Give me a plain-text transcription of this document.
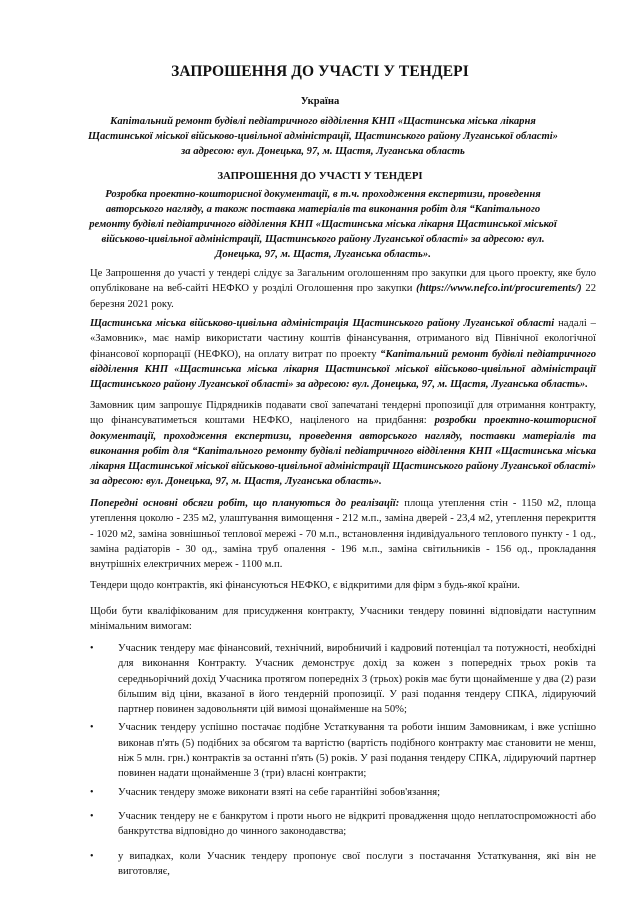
ЗАПРОШЕННЯ ДО УЧАСТІ У ТЕНДЕРІ
Україна
Капітальний ремонт будівлі педіатричного відділення КНП «Щастинська міська лікарня Щастинської міської військово-цивільної адміністрації, Щастинського району Луганської області» за адресою: вул. Донецька, 97, м. Щастя, Луганська область
ЗАПРОШЕННЯ ДО УЧАСТІ У ТЕНДЕРІ
Розробка проектно-кошторисної документації, в т.ч. проходження експертизи, проведення авторського нагляду, а також поставка матеріалів та виконання робіт для “Капітального ремонту будівлі педіатричного відділення КНП «Щастинська міська лікарня Щастинської міської військово-цивільної адміністрації, Щастинського району Луганської області» за адресою: вул. Донецька, 97, м. Щастя, Луганська область».
Це Запрошення до участі у тендері слідує за Загальним оголошенням про закупки для цього проекту, яке було опубліковане на веб-сайті НЕФКО у розділі Оголошення про закупки (https://www.nefco.int/procurements/) 22 березня 2021 року.
Щастинська міська військово-цивільна адміністрація Щастинського району Луганської області надалі – «Замовник», має намір використати частину коштів фінансування, отриманого від Північної екологічної фінансової корпорації (НЕФКО), на оплату витрат по проекту “Капітальний ремонт будівлі педіатричного відділення КНП «Щастинська міська лікарня Щастинської міської військово-цивільної адміністрації Щастинського району Луганської області» за адресою: вул. Донецька, 97, м. Щастя, Луганська область».
Замовник цим запрошує Підрядників подавати свої запечатані тендерні пропозиції для отримання контракту, що фінансуватиметься коштами НЕФКО, націленого на придбання: розробки проектно-кошторисної документації, проходження експертизи, проведення авторського нагляду, поставки матеріалів та виконання робіт для “Капітального ремонту будівлі педіатричного відділення КНП «Щастинська міська лікарня Щастинської міської військово-цивільної адміністрації Щастинського району Луганської області» за адресою: вул. Донецька, 97, м. Щастя, Луганська область».
Попередні основні обсяги робіт, що плануються до реалізації: площа утеплення стін - 1150 м2, площа утеплення цоколю - 235 м2, улаштування вимощення - 212 м.п., заміна дверей - 23,4 м2, утеплення перекриття - 1020 м2, заміна зовнішньої теплової мережі - 70 м.п., встановлення індивідуального теплового пункту - 1 од., заміна радіаторів - 30 од., заміна труб опалення - 196 м.п., заміна світильників - 156 од., прокладання внутрішніх електричних мереж - 1100 м.п.
Тендери щодо контрактів, які фінансуються НЕФКО, є відкритими для фірм з будь-якої країни.
Щоби бути кваліфікованим для присудження контракту, Учасники тендеру повинні відповідати наступним мінімальним вимогам:
• Учасник тендеру має фінансовий, технічний, виробничий і кадровий потенціал та потужності, необхідні для виконання Контракту. Учасник демонструє дохід за кожен з попередніх трьох років та середньорічний дохід Учасника протягом попередніх 3 (трьох) років має бути щонайменше у два (2) рази більшим від ціни, вказаної в його тендерній пропозиції. У разі подання тендеру СПКА, лідируючий партнер повинен задовольняти цій вимозі щонайменше на 50%;
• Учасник тендеру успішно постачає подібне Устаткування та роботи іншим Замовникам, і вже успішно виконав п'ять (5) подібних за обсягом та вартістю (вартість подібного контракту має становити не менш, ніж 5 млн. грн.) контрактів за останні п'ять (5) років. У разі подання тендеру СПКА, лідируючий партнер повинен надати щонайменше 3 (три) власні контракти;
• Учасник тендеру зможе виконати взяті на себе гарантійні зобов'язання;
• Учасник тендеру не є банкрутом і проти нього не відкриті провадження щодо неплатоспроможності або банкрутства відповідно до чинного законодавства;
• у випадках, коли Учасник тендеру пропонує свої послуги з постачання Устаткування, які він не виготовляє,
